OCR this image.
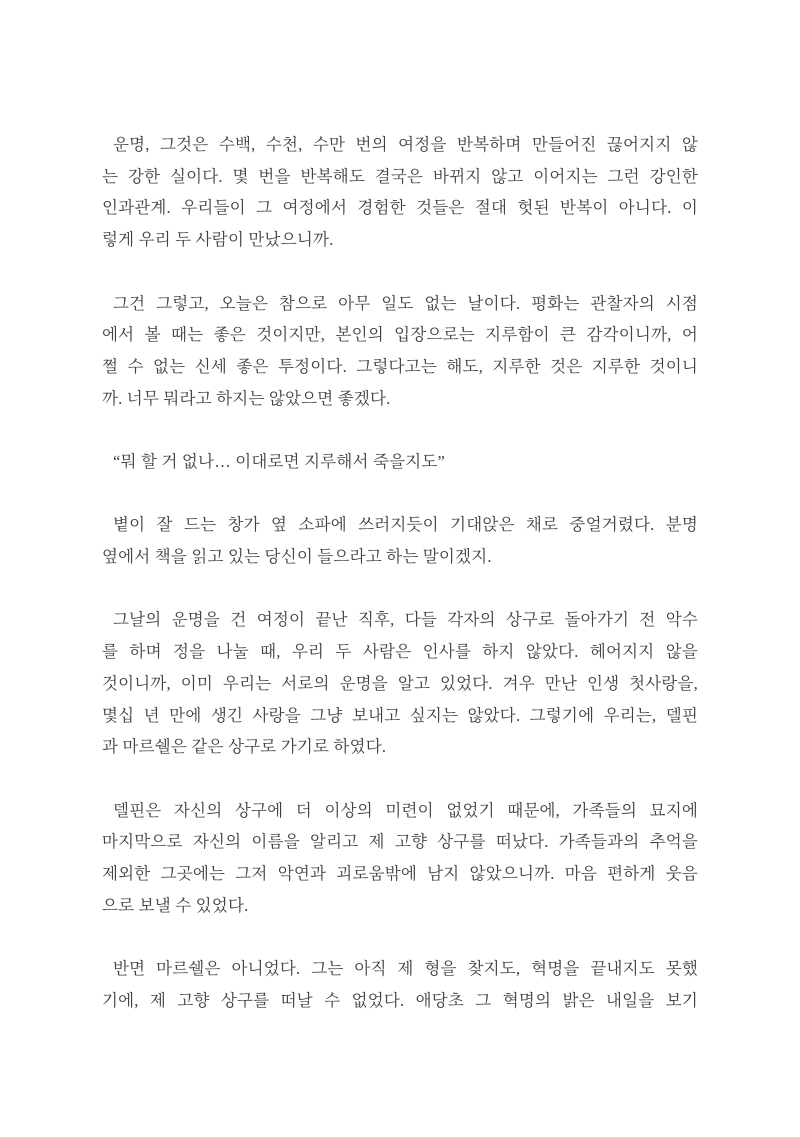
운명, 그것은 수백, 수천, 수만 번의 여정을 반복하며 만들어진 끊어지지 않
는 강한 실이다. 몇 번을 반복해도 결국은 바뀌지 않고 이어지는 그런 강인한
인과관계. 우리들이 그 여정에서 경험한 것들은 절대 헛된 반복이 아니다. 이
렇게 우리 두 사람이 만났으니까.
그건 그렇고, 오늘은 참으로 아무 일도 없는 날이다. 평화는 관찰자의 시점
에서 볼 때는 좋은 것이지만, 본인의 입장으로는 지루함이 큰 감각이니까, 어
쩔 수 없는 신세 좋은 투정이다. 그렇다고는 해도, 지루한 것은 지루한 것이니
까. 너무 뭐라고 하지는 않았으면 좋겠다.
“뭐 할 거 없나… 이대로면 지루해서 죽을지도”
볕이 잘 드는 창가 옆 소파에 쓰러지듯이 기대앉은 채로 중얼거렸다. 분명
옆에서 책을 읽고 있는 당신이 들으라고 하는 말이겠지.
그날의 운명을 건 여정이 끝난 직후, 다들 각자의 상구로 돌아가기 전 악수
를 하며 정을 나눌 때, 우리 두 사람은 인사를 하지 않았다. 헤어지지 않을
것이니까, 이미 우리는 서로의 운명을 알고 있었다. 겨우 만난 인생 첫사랑을,
몇십 년 만에 생긴 사랑을 그냥 보내고 싶지는 않았다. 그렇기에 우리는, 델핀
과 마르쉘은 같은 상구로 가기로 하였다.
델핀은 자신의 상구에 더 이상의 미련이 없었기 때문에, 가족들의 묘지에
마지막으로 자신의 이름을 알리고 제 고향 상구를 떠났다. 가족들과의 추억을
제외한 그곳에는 그저 악연과 괴로움밖에 남지 않았으니까. 마음 편하게 웃음
으로 보낼 수 있었다.
반면 마르쉘은 아니었다. 그는 아직 제 형을 찾지도, 혁명을 끝내지도 못했
기에, 제 고향 상구를 떠날 수 없었다. 애당초 그 혁명의 밝은 내일을 보기
